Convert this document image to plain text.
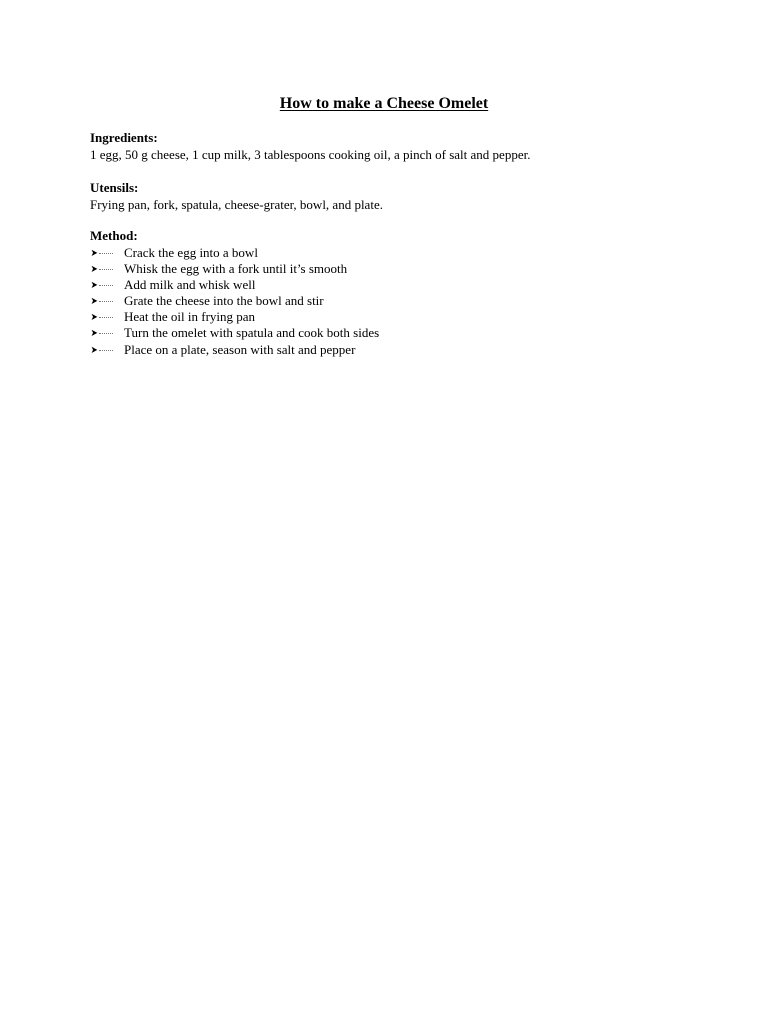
How to make a Cheese Omelet

Ingredients:

1 egg, 50 g cheese, 1 cup milk, 3 tablespoons cooking oil, a pinch of salt and pepper.

Utensils:

Frying pan, fork, spatula, cheese-grater, bowl, and plate.

Method:

➤	Crack the egg into a bowl
➤	Whisk the egg with a fork until it’s smooth
➤	Add milk and whisk well
➤	Grate the cheese into the bowl and stir
➤	Heat the oil in frying pan
➤	Turn the omelet with spatula and cook both sides
➤	Place on a plate, season with salt and pepper
